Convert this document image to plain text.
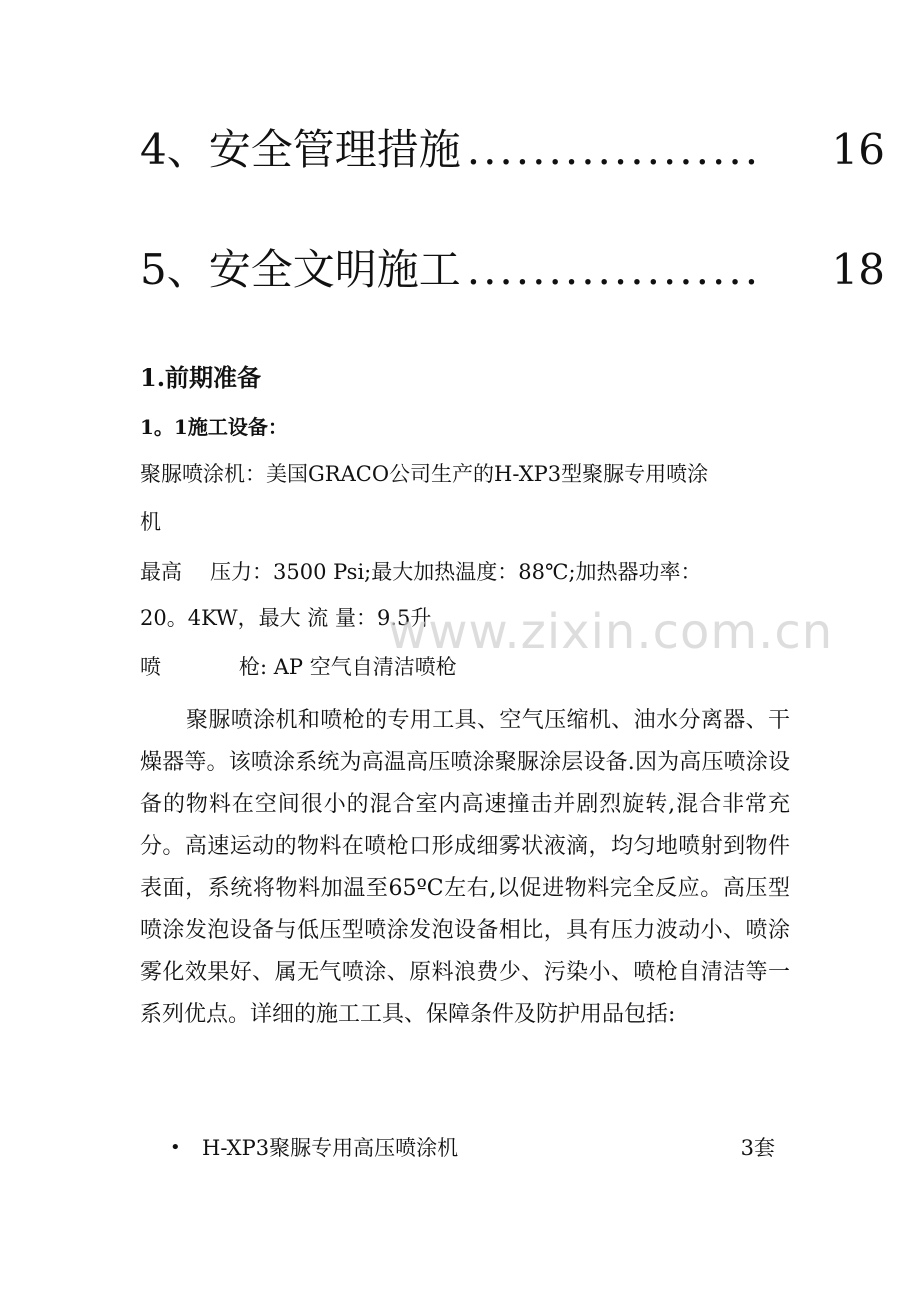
4、安全管理措施 ..................	16
5、安全文明施工 ..................	18
1.前期准备
1。1施工设备：
聚脲喷涂机：美国GRACO公司生产的H-XP3型聚脲专用喷涂
机
最高 压力：3500 Psi;最大加热温度：88℃;加热器功率：
20。4KW，最大 流 量：9.5升
喷	枪: AP 空气自清洁喷枪
聚脲喷涂机和喷枪的专用工具、空气压缩机、油水分离器、干燥器等。该喷涂系统为高温高压喷涂聚脲涂层设备.因为高压喷涂设备的物料在空间很小的混合室内高速撞击并剧烈旋转,混合非常充分。高速运动的物料在喷枪口形成细雾状液滴，均匀地喷射到物件表面，系统将物料加温至65ºC左右,以促进物料完全反应。高压型喷涂发泡设备与低压型喷涂发泡设备相比，具有压力波动小、喷涂雾化效果好、属无气喷涂、原料浪费少、污染小、喷枪自清洁等一系列优点。详细的施工工具、保障条件及防护用品包括:
•	H-XP3聚脲专用高压喷涂机	3套
www.zixin.com.cn
